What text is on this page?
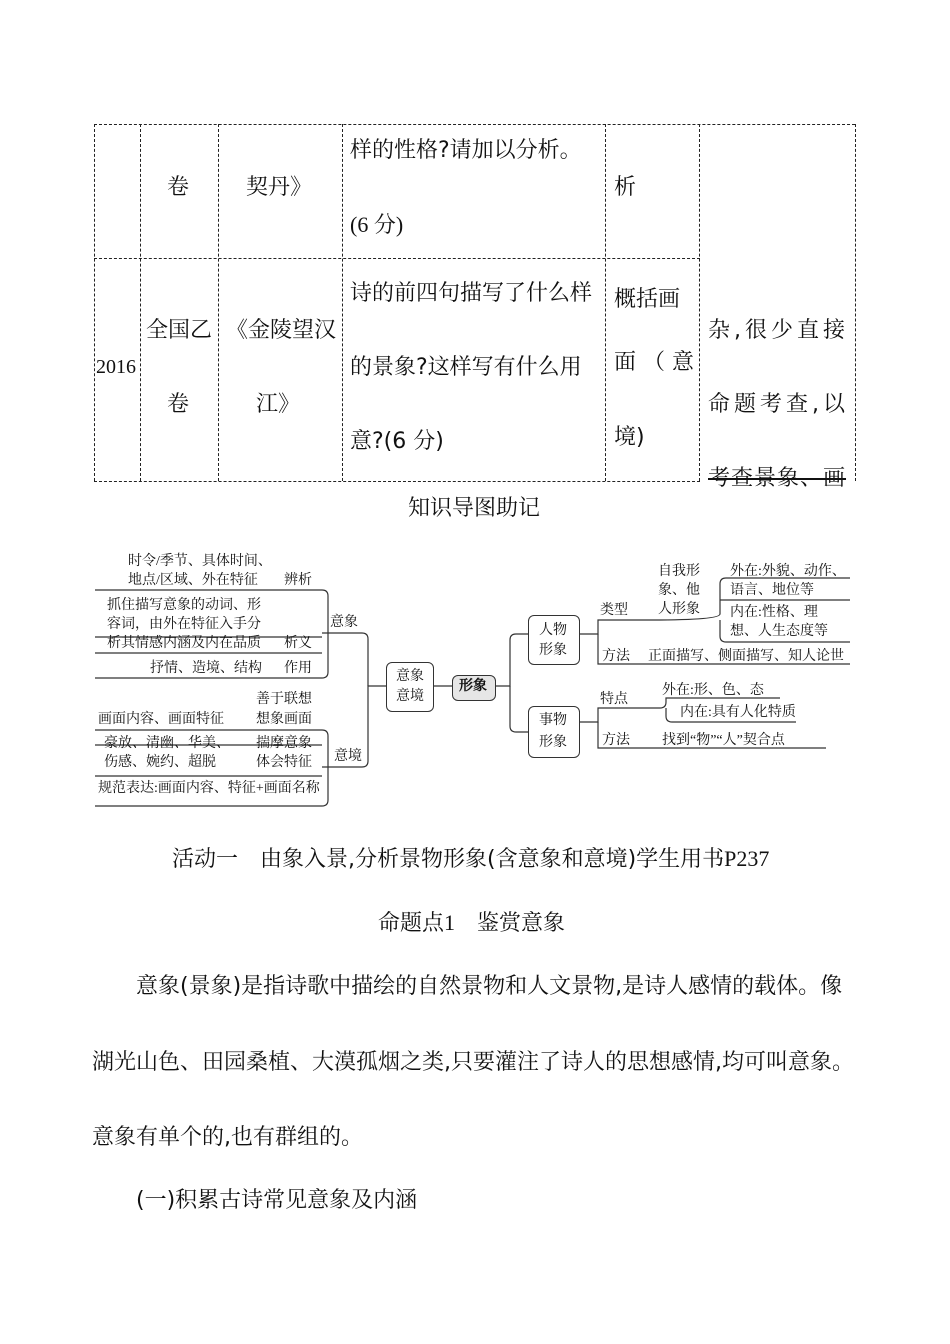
卷	契丹》
样的性格?请加以分析。
(6 分)
析
2016
全国乙
卷
《金陵望汉
江》
诗的前四句描写了什么样
的景象?这样写有什么用
意?(6 分)
概括画
面 （ 意
境)
杂,很少直接
命题考查,以
考查景象、画
知识导图助记
时令/季节、具体时间、
地点/区域、外在特征 辨析
抓住描写意象的动词、形
容词，由外在特征入手分
析其情感内涵及内在品质 析义
抒情、造境、结构 作用
意象
善于联想
想象画面
画面内容、画面特征
豪放、清幽、华美、
伤感、婉约、超脱
揣摩意象
体会特征
规范表达:画面内容、特征+画面名称
意境
意象
意境
形象
人物
形象
类型
自我形
象、他
人形象
外在:外貌、动作、
语言、地位等
内在:性格、理
想、人生态度等
方法 正面描写、侧面描写、知人论世
事物
形象
特点
外在:形、色、态
内在:具有人化特质
方法 找到“物”“人”契合点
活动一　由象入景,分析景物形象(含意象和意境)学生用书P237
命题点1　鉴赏意象
意象(景象)是指诗歌中描绘的自然景物和人文景物,是诗人感情的载体。像
湖光山色、田园桑植、大漠孤烟之类,只要灌注了诗人的思想感情,均可叫意象。
意象有单个的,也有群组的。
(一)积累古诗常见意象及内涵
